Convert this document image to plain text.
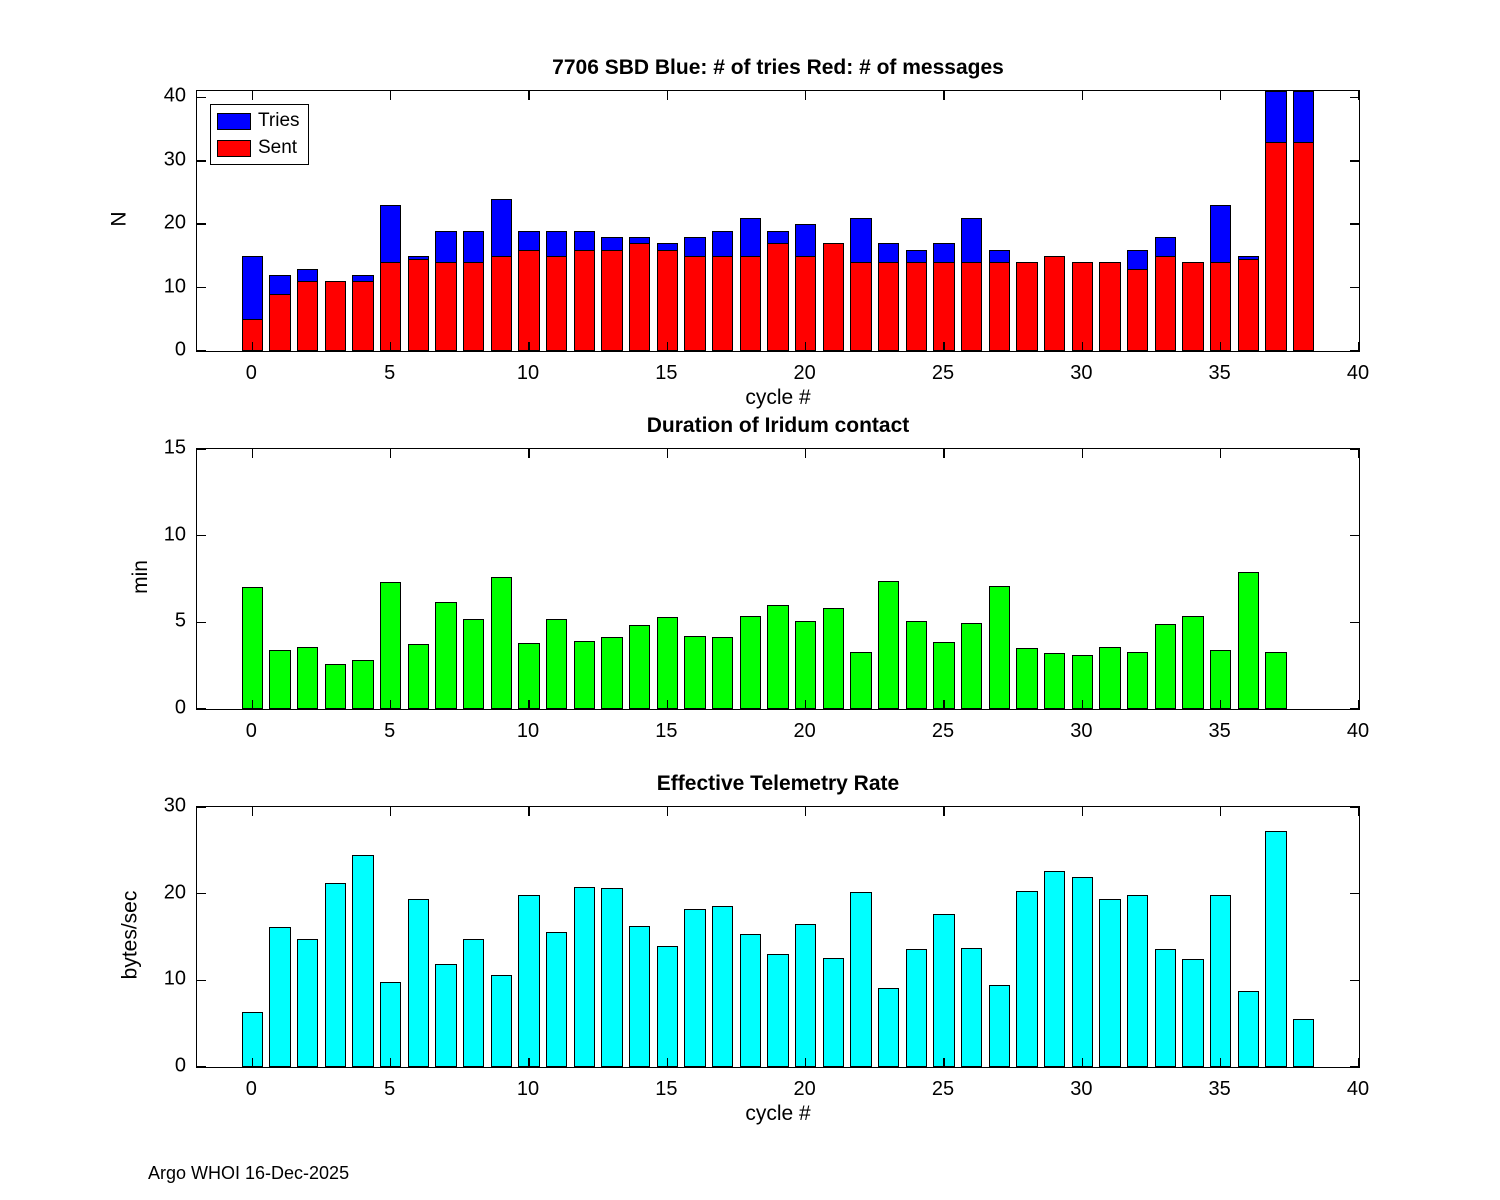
7706 SBD Blue: # of tries Red: # of messages
N
cycle #
Tries
Sent
0
10
20
30
40
0	5	10	15	20	25	30	35	40
Duration of Iridum contact
min
0
5
10
15
0	5	10	15	20	25	30	35	40
Effective Telemetry Rate
bytes/sec
cycle #
0
10
20
30
0	5	10	15	20	25	30	35	40
Argo WHOI 16-Dec-2025
